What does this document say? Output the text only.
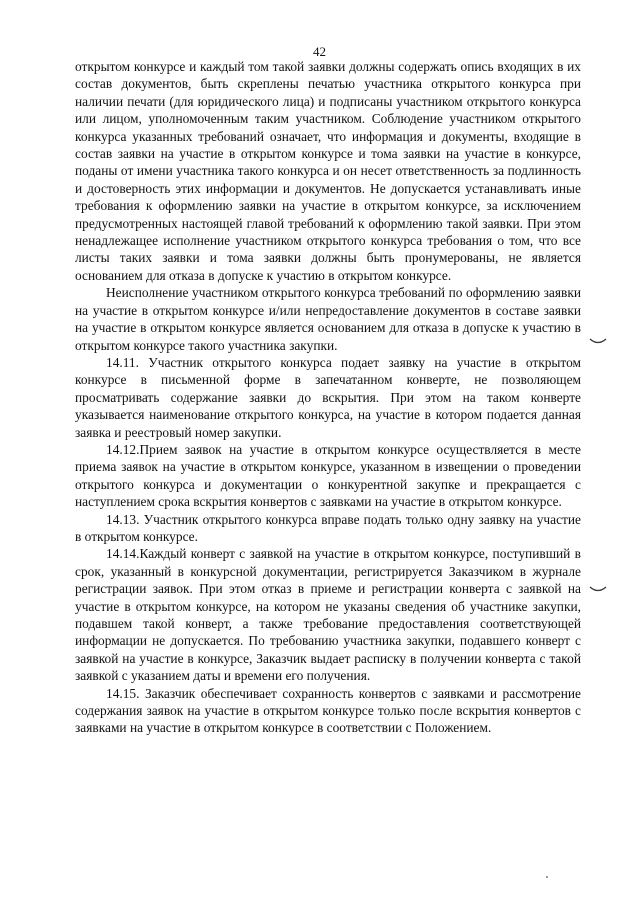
42

открытом конкурсе и каждый том такой заявки должны содержать опись входящих в их состав документов, быть скреплены печатью участника открытого конкурса при наличии печати (для юридического лица) и подписаны участником открытого конкурса или лицом, уполномоченным таким участником. Соблюдение участником открытого конкурса указанных требований означает, что информация и документы, входящие в состав заявки на участие в открытом конкурсе и тома заявки на участие в конкурсе, поданы от имени участника такого конкурса и он несет ответственность за подлинность и достоверность этих информации и документов. Не допускается устанавливать иные требования к оформлению заявки на участие в открытом конкурсе, за исключением предусмотренных настоящей главой требований к оформлению такой заявки. При этом ненадлежащее исполнение участником открытого конкурса требования о том, что все листы таких заявки и тома заявки должны быть пронумерованы, не является основанием для отказа в допуске к участию в открытом конкурсе.

Неисполнение участником открытого конкурса требований по оформлению заявки на участие в открытом конкурсе и/или непредоставление документов в составе заявки на участие в открытом конкурсе является основанием для отказа в допуске к участию в открытом конкурсе такого участника закупки.

14.11. Участник открытого конкурса подает заявку на участие в открытом конкурсе в письменной форме в запечатанном конверте, не позволяющем просматривать содержание заявки до вскрытия. При этом на таком конверте указывается наименование открытого конкурса, на участие в котором подается данная заявка и реестровый номер закупки.

14.12.Прием заявок на участие в открытом конкурсе осуществляется в месте приема заявок на участие в открытом конкурсе, указанном в извещении о проведении открытого конкурса и документации о конкурентной закупке и прекращается с наступлением срока вскрытия конвертов с заявками на участие в открытом конкурсе.

14.13. Участник открытого конкурса вправе подать только одну заявку на участие в открытом конкурсе.

14.14.Каждый конверт с заявкой на участие в открытом конкурсе, поступивший в срок, указанный в конкурсной документации, регистрируется Заказчиком в журнале регистрации заявок. При этом отказ в приеме и регистрации конверта с заявкой на участие в открытом конкурсе, на котором не указаны сведения об участнике закупки, подавшем такой конверт, а также требование предоставления соответствующей информации не допускается. По требованию участника закупки, подавшего конверт с заявкой на участие в конкурсе, Заказчик выдает расписку в получении конверта с такой заявкой с указанием даты и времени его получения.

14.15. Заказчик обеспечивает сохранность конвертов с заявками и рассмотрение содержания заявок на участие в открытом конкурсе только после вскрытия конвертов с заявками на участие в открытом конкурсе в соответствии с Положением.
